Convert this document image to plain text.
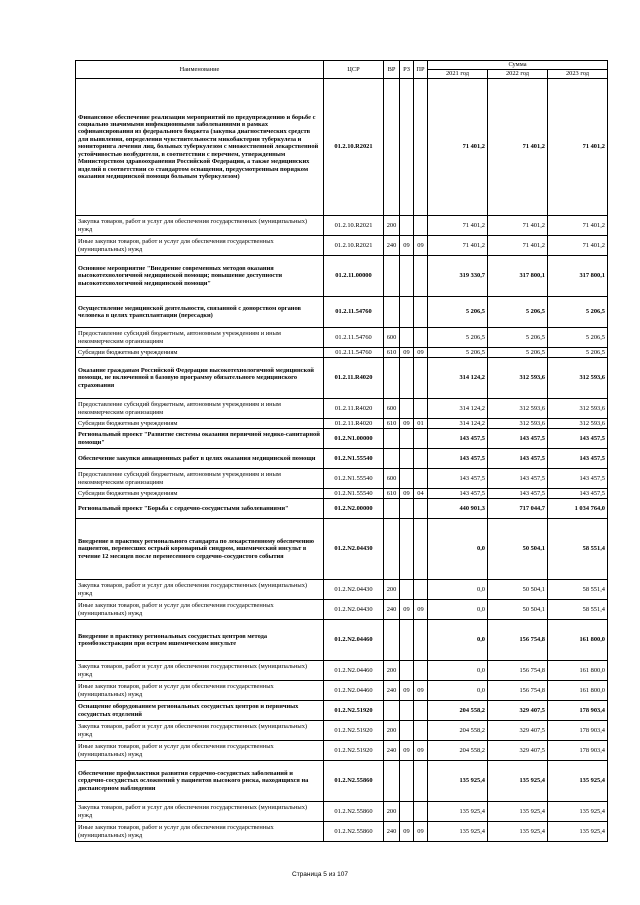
Наименование	ЦСР	ВР	РЗ	ПР	Сумма		
					2021 год	2022 год	2023 год
Финансовое обеспечение реализации мероприятий по предупреждению и борьбе с социально значимыми инфекционными заболеваниями в рамках софинансирования из федерального бюджета (закупка диагностических средств для выявления, определения чувствительности микобактерии туберкулеза и мониторинга лечения лиц, больных туберкулезом с множественной лекарственной устойчивостью возбудителя, в соответствии с перечнем, утвержденным Министерством здравоохранения Российской Федерации, а также медицинских изделий в соответствии со стандартом оснащения, предусмотренным порядком оказания медицинской помощи больным туберкулезом)	01.2.10.R2021				71 401,2	71 401,2	71 401,2
Закупка товаров, работ и услуг для обеспечения государственных (муниципальных) нужд	01.2.10.R2021	200			71 401,2	71 401,2	71 401,2
Иные закупки товаров, работ и услуг для обеспечения государственных (муниципальных) нужд	01.2.10.R2021	240	09	09	71 401,2	71 401,2	71 401,2
Основное мероприятие "Внедрение современных методов оказания высокотехнологичной медицинской помощи; повышение доступности высокотехнологичной медицинской помощи"	01.2.11.00000				319 330,7	317 800,1	317 800,1
Осуществление медицинской деятельности, связанной с донорством органов человека в целях трансплантации (пересадки)	01.2.11.54760				5 206,5	5 206,5	5 206,5
Предоставление субсидий бюджетным, автономным учреждениям и иным некоммерческим организациям	01.2.11.54760	600			5 206,5	5 206,5	5 206,5
Субсидии бюджетным учреждениям	01.2.11.54760	610	09	09	5 206,5	5 206,5	5 206,5
Оказание гражданам Российской Федерации высокотехнологичной медицинской помощи, не включенной в базовую программу обязательного медицинского страхования	01.2.11.R4020				314 124,2	312 593,6	312 593,6
Предоставление субсидий бюджетным, автономным учреждениям и иным некоммерческим организациям	01.2.11.R4020	600			314 124,2	312 593,6	312 593,6
Субсидии бюджетным учреждениям	01.2.11.R4020	610	09	01	314 124,2	312 593,6	312 593,6
Региональный проект "Развитие системы оказания первичной медико-санитарной помощи"	01.2.N1.00000				143 457,5	143 457,5	143 457,5
Обеспечение закупки авиационных работ в целях оказания медицинской помощи	01.2.N1.55540				143 457,5	143 457,5	143 457,5
Предоставление субсидий бюджетным, автономным учреждениям и иным некоммерческим организациям	01.2.N1.55540	600			143 457,5	143 457,5	143 457,5
Субсидии бюджетным учреждениям	01.2.N1.55540	610	09	04	143 457,5	143 457,5	143 457,5
Региональный проект "Борьба с сердечно-сосудистыми заболеваниями"	01.2.N2.00000				440 901,3	717 044,7	1 034 764,0
Внедрение в практику регионального стандарта по лекарственному обеспечению пациентов, перенесших острый коронарный синдром, ишемический инсульт в течение 12 месяцев после перенесенного сердечно-сосудистого события	01.2.N2.04430				0,0	50 504,1	58 551,4
Закупка товаров, работ и услуг для обеспечения государственных (муниципальных) нужд	01.2.N2.04430	200			0,0	50 504,1	58 551,4
Иные закупки товаров, работ и услуг для обеспечения государственных (муниципальных) нужд	01.2.N2.04430	240	09	09	0,0	50 504,1	58 551,4
Внедрение в практику региональных сосудистых центров метода тромбоэкстракции при остром ишемическом инсульте	01.2.N2.04460				0,0	156 754,8	161 800,0
Закупка товаров, работ и услуг для обеспечения государственных (муниципальных) нужд	01.2.N2.04460	200			0,0	156 754,8	161 800,0
Иные закупки товаров, работ и услуг для обеспечения государственных (муниципальных) нужд	01.2.N2.04460	240	09	09	0,0	156 754,8	161 800,0
Оснащение оборудованием региональных сосудистых центров и первичных сосудистых отделений	01.2.N2.51920				204 558,2	329 407,5	178 903,4
Закупка товаров, работ и услуг для обеспечения государственных (муниципальных) нужд	01.2.N2.51920	200			204 558,2	329 407,5	178 903,4
Иные закупки товаров, работ и услуг для обеспечения государственных (муниципальных) нужд	01.2.N2.51920	240	09	09	204 558,2	329 407,5	178 903,4
Обеспечение профилактики развития сердечно-сосудистых заболеваний и сердечно-сосудистых осложнений у пациентов высокого риска, находящихся на диспансерном наблюдении	01.2.N2.55860				135 925,4	135 925,4	135 925,4
Закупка товаров, работ и услуг для обеспечения государственных (муниципальных) нужд	01.2.N2.55860	200			135 925,4	135 925,4	135 925,4
Иные закупки товаров, работ и услуг для обеспечения государственных (муниципальных) нужд	01.2.N2.55860	240	09	09	135 925,4	135 925,4	135 925,4
Страница 5 из 107
